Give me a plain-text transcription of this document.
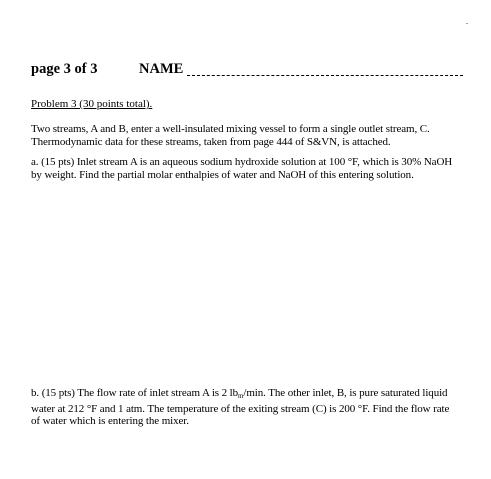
.
page 3 of 3	NAME
Problem 3 (30 points total).
Two streams, A and B, enter a well-insulated mixing vessel to form a single outlet stream, C. Thermodynamic data for these streams, taken from page 444 of S&VN, is attached.
a. (15 pts) Inlet stream A is an aqueous sodium hydroxide solution at 100 °F, which is 30% NaOH by weight. Find the partial molar enthalpies of water and NaOH of this entering solution.
b. (15 pts) The flow rate of inlet stream A is 2 $lb_m/\min$. The other inlet, B, is pure saturated liquid water at 212 °F and 1 atm. The temperature of the exiting stream (C) is 200 °F. Find the flow rate of water which is entering the mixer.
